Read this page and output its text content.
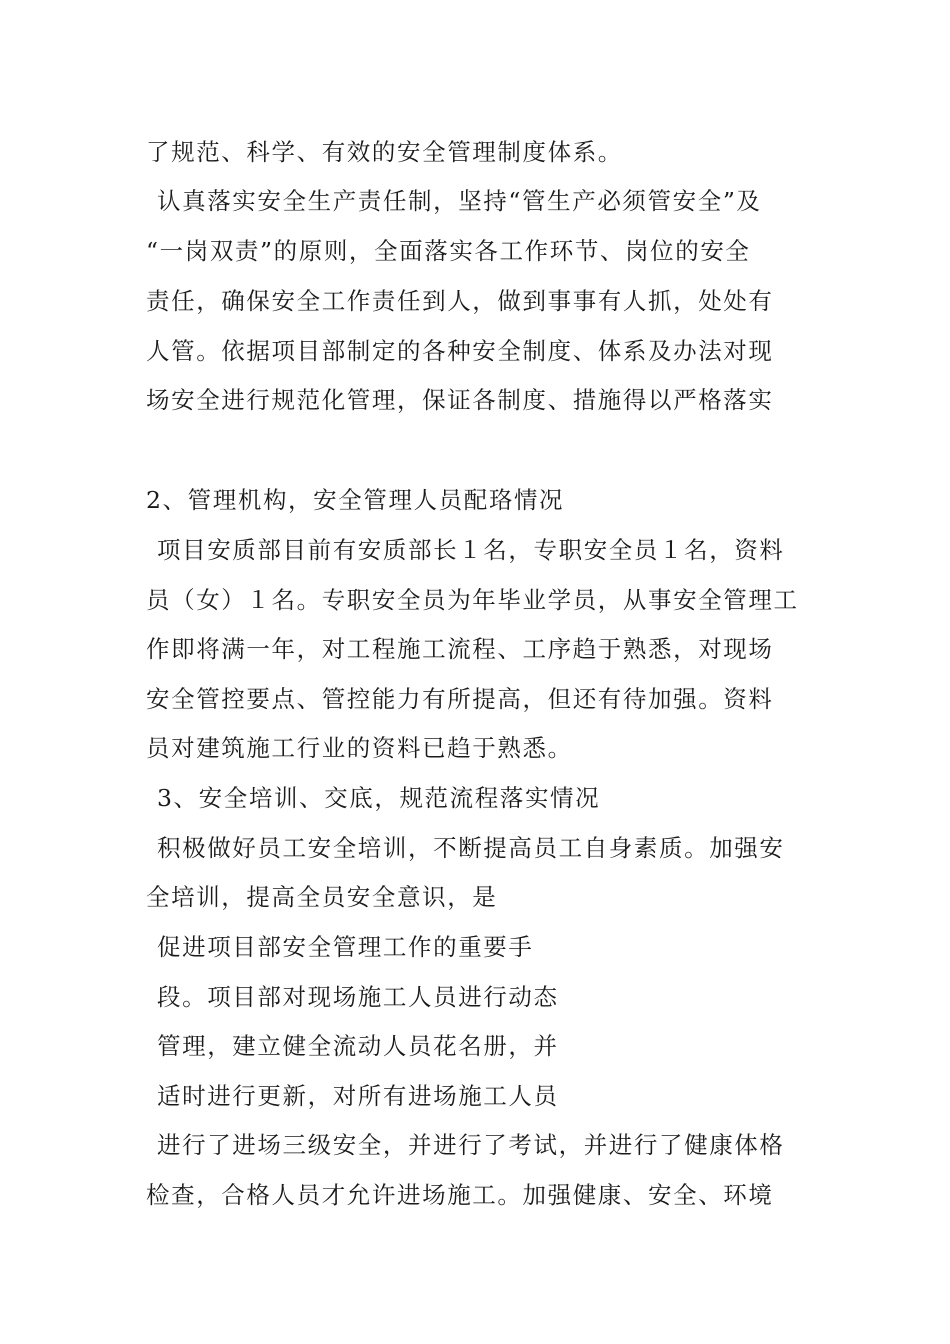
了规范、科学、有效的安全管理制度体系。
认真落实安全生产责任制，坚持“管生产必须管安全”及
“一岗双责”的原则，全面落实各工作环节、岗位的安全
责任，确保安全工作责任到人，做到事事有人抓，处处有
人管。依据项目部制定的各种安全制度、体系及办法对现
场安全进行规范化管理，保证各制度、措施得以严格落实
2、管理机构，安全管理人员配珞情况
项目安质部目前有安质部长１名，专职安全员１名，资料
员（女）１名。专职安全员为年毕业学员，从事安全管理工
作即将满一年，对工程施工流程、工序趋于熟悉，对现场
安全管控要点、管控能力有所提高，但还有待加强。资料
员对建筑施工行业的资料已趋于熟悉。
3、安全培训、交底，规范流程落实情况
积极做好员工安全培训，不断提高员工自身素质。加强安
全培训，提高全员安全意识，是
促进项目部安全管理工作的重要手
段。项目部对现场施工人员进行动态
管理，建立健全流动人员花名册，并
适时进行更新，对所有进场施工人员
进行了进场三级安全，并进行了考试，并进行了健康体格
检查，合格人员才允许进场施工。加强健康、安全、环境
